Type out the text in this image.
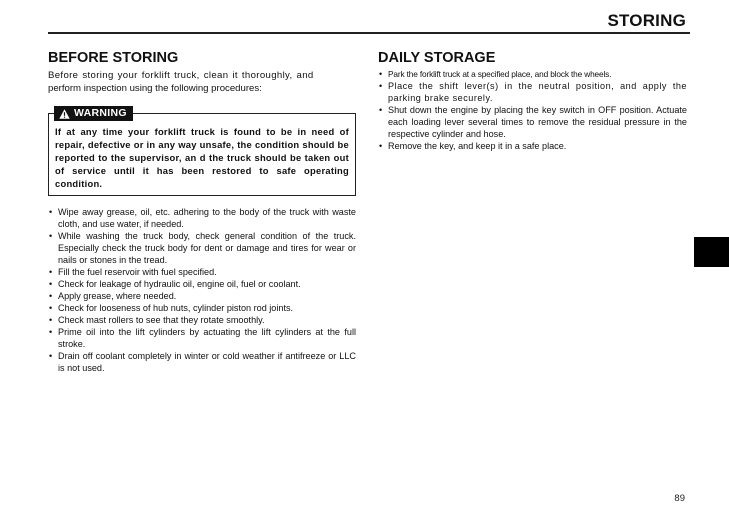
STORING
BEFORE STORING

Before storing your forklift truck, clean it thoroughly, and
perform inspection using the following procedures:

WARNING

If at any time your forklift truck is found to be in need of repair, defective or in any way unsafe, the condition should be reported to the supervisor, an d the truck should be taken out of service until it has been restored to safe operating condition.

• Wipe away grease, oil, etc. adhering to the body of the truck with waste cloth, and use water, if needed.
• While washing the truck body, check general condition of the truck. Especially check the truck body for dent or damage and tires for wear or nails or stones in the tread.
• Fill the fuel reservoir with fuel specified.
• Check for leakage of hydraulic oil, engine oil, fuel or coolant.
• Apply grease, where needed.
• Check for looseness of hub nuts, cylinder piston rod joints.
• Check mast rollers to see that they rotate smoothly.
• Prime oil into the lift cylinders by actuating the lift cylinders at the full stroke.
• Drain off coolant completely in winter or cold weather if antifreeze or LLC is not used.
DAILY STORAGE
• Park the forklift truck at a specified place, and block the wheels.
• Place the shift lever(s) in the neutral position, and apply the parking brake securely.
• Shut down the engine by placing the key switch in OFF position. Actuate each loading lever several times to remove the residual pressure in the respective cylinder and hose.
• Remove the key, and keep it in a safe place.
89
